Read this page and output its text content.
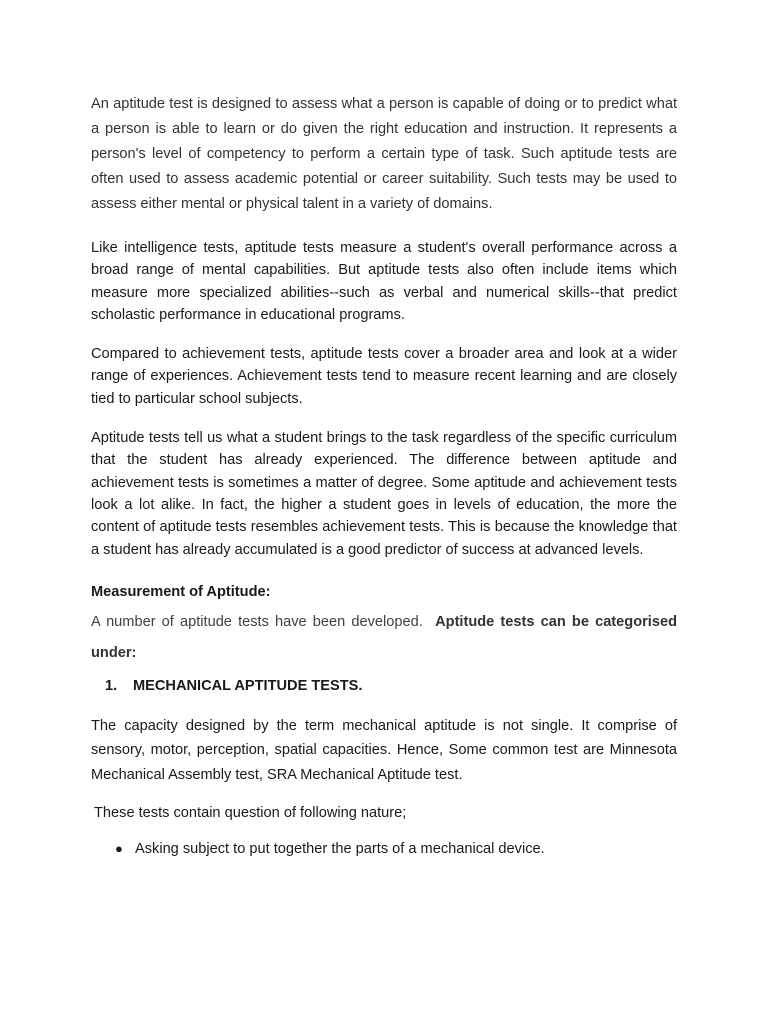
An aptitude test is designed to assess what a person is capable of doing or to predict what a person is able to learn or do given the right education and instruction. It represents a person's level of competency to perform a certain type of task. Such aptitude tests are often used to assess academic potential or career suitability. Such tests may be used to assess either mental or physical talent in a variety of domains.

Like intelligence tests, aptitude tests measure a student's overall performance across a broad range of mental capabilities. But aptitude tests also often include items which measure more specialized abilities--such as verbal and numerical skills--that predict scholastic performance in educational programs.

Compared to achievement tests, aptitude tests cover a broader area and look at a wider range of experiences. Achievement tests tend to measure recent learning and are closely tied to particular school subjects.

Aptitude tests tell us what a student brings to the task regardless of the specific curriculum that the student has already experienced. The difference between aptitude and achievement tests is sometimes a matter of degree. Some aptitude and achievement tests look a lot alike. In fact, the higher a student goes in levels of education, the more the content of aptitude tests resembles achievement tests. This is because the knowledge that a student has already accumulated is a good predictor of success at advanced levels.

Measurement of Aptitude:

A number of aptitude tests have been developed. Aptitude tests can be categorised under:

1.	MECHANICAL APTITUDE TESTS.

The capacity designed by the term mechanical aptitude is not single. It comprise of sensory, motor, perception, spatial capacities. Hence, Some common test are Minnesota Mechanical Assembly test, SRA Mechanical Aptitude test.

These tests contain question of following nature;

● Asking subject to put together the parts of a mechanical device.
